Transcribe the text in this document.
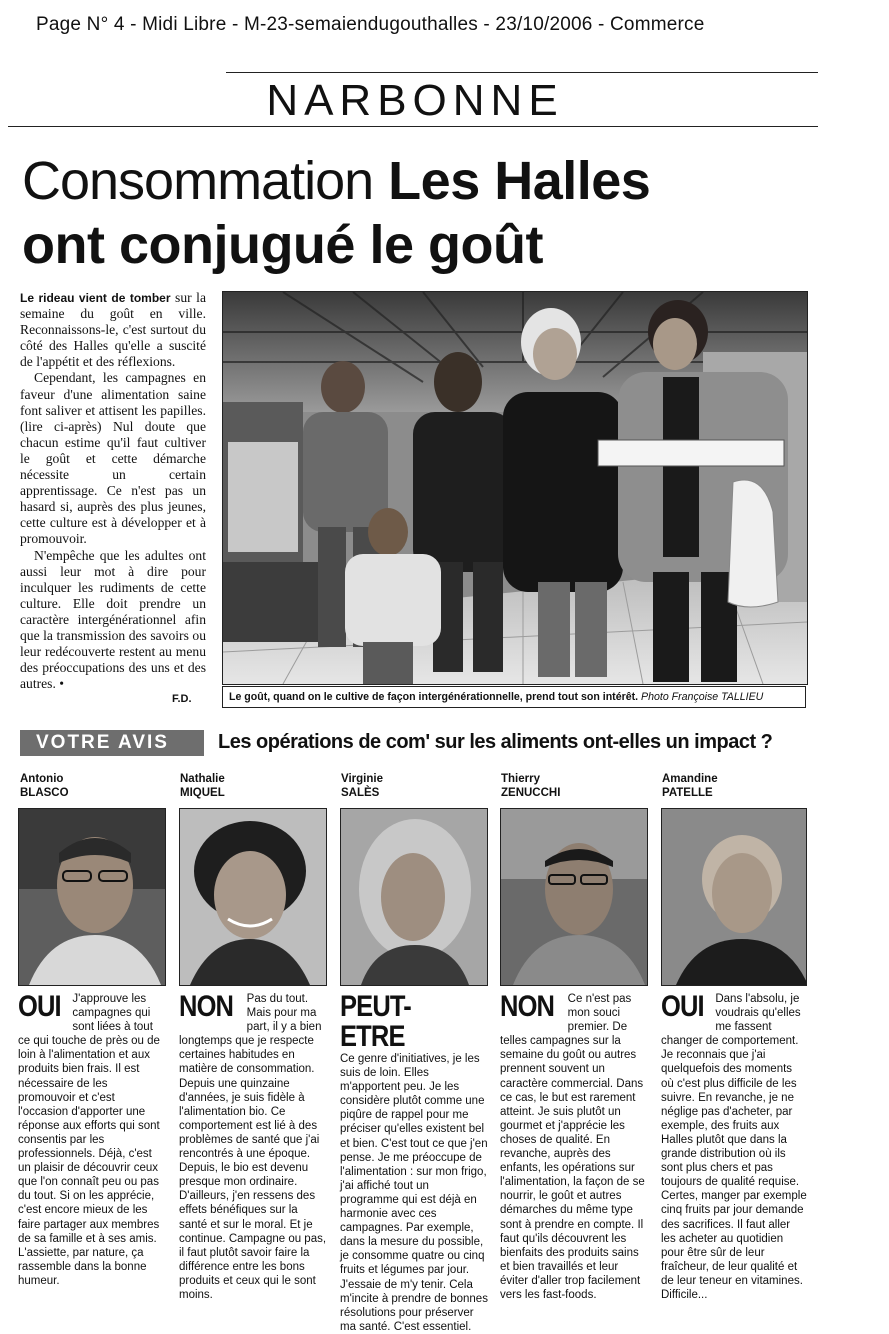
Page N° 4 - Midi Libre - M-23-semaiendugouthalles - 23/10/2006 - Commerce
NARBONNE
Consommation Les Halles
ont conjugué le goût

Le rideau vient de tomber sur la semaine du goût en ville. Reconnaissons-le, c'est surtout du côté des Halles qu'elle a suscité de l'appétit et des réflexions.

Cependant, les campagnes en faveur d'une alimentation saine font saliver et attisent les papilles. (lire ci-après) Nul doute que chacun estime qu'il faut cultiver le goût et cette démarche nécessite un certain apprentissage. Ce n'est pas un hasard si, auprès des plus jeunes, cette culture est à développer et à promouvoir.

N'empêche que les adultes ont aussi leur mot à dire pour inculquer les rudiments de cette culture. Elle doit prendre un caractère intergénérationnel afin que la transmission des savoirs ou leur redécouverte restent au menu des préoccupations des uns et des autres. •

F.D.	Le goût, quand on le cultive de façon intergénérationnelle, prend tout son intérêt. Photo Françoise TALLIEU
VOTRE AVIS Les opérations de com' sur les aliments ont-elles un impact ?
Antonio
BLASCO
OUI J'approuve les campagnes qui sont liées à tout ce qui touche de près ou de loin à l'alimentation et aux produits bien frais. Il est nécessaire de les promouvoir et c'est l'occasion d'apporter une réponse aux efforts qui sont consentis par les professionnels. Déjà, c'est un plaisir de découvrir ceux que l'on connaît peu ou pas du tout. Si on les apprécie, c'est encore mieux de les faire partager aux membres de sa famille et à ses amis. L'assiette, par nature, ça rassemble dans la bonne humeur.
Nathalie
MIQUEL
NON Pas du tout. Mais pour ma part, il y a bien longtemps que je respecte certaines habitudes en matière de consommation. Depuis une quinzaine d'années, je suis fidèle à l'alimentation bio. Ce comportement est lié à des problèmes de santé que j'ai rencontrés à une époque. Depuis, le bio est devenu presque mon ordinaire. D'ailleurs, j'en ressens des effets bénéfiques sur la santé et sur le moral. Et je continue. Campagne ou pas, il faut plutôt savoir faire la différence entre les bons produits et ceux qui le sont moins.
Virginie
SALÈS
PEUT-ETRE
Ce genre d'initiatives, je les suis de loin. Elles m'apportent peu. Je les considère plutôt comme une piqûre de rappel pour me préciser qu'elles existent bel et bien. C'est tout ce que j'en pense. Je me préoccupe de l'alimentation : sur mon frigo, j'ai affiché tout un programme qui est déjà en harmonie avec ces campagnes. Par exemple, dans la mesure du possible, je consomme quatre ou cinq fruits et légumes par jour. J'essaie de m'y tenir. Cela m'incite à prendre de bonnes résolutions pour préserver ma santé. C'est essentiel.
Thierry
ZENUCCHI
NON Ce n'est pas mon souci premier. De telles campagnes sur la semaine du goût ou autres prennent souvent un caractère commercial. Dans ce cas, le but est rarement atteint. Je suis plutôt un gourmet et j'apprécie les choses de qualité. En revanche, auprès des enfants, les opérations sur l'alimentation, la façon de se nourrir, le goût et autres démarches du même type sont à prendre en compte. Il faut qu'ils découvrent les bienfaits des produits sains et bien travaillés et leur éviter d'aller trop facilement vers les fast-foods.
Amandine
PATELLE
OUI Dans l'absolu, je voudrais qu'elles me fassent changer de comportement. Je reconnais que j'ai quelquefois des moments où c'est plus difficile de les suivre. En revanche, je ne néglige pas d'acheter, par exemple, des fruits aux Halles plutôt que dans la grande distribution où ils sont plus chers et pas toujours de qualité requise. Certes, manger par exemple cinq fruits par jour demande des sacrifices. Il faut aller les acheter au quotidien pour être sûr de leur fraîcheur, de leur qualité et de leur teneur en vitamines. Difficile...
